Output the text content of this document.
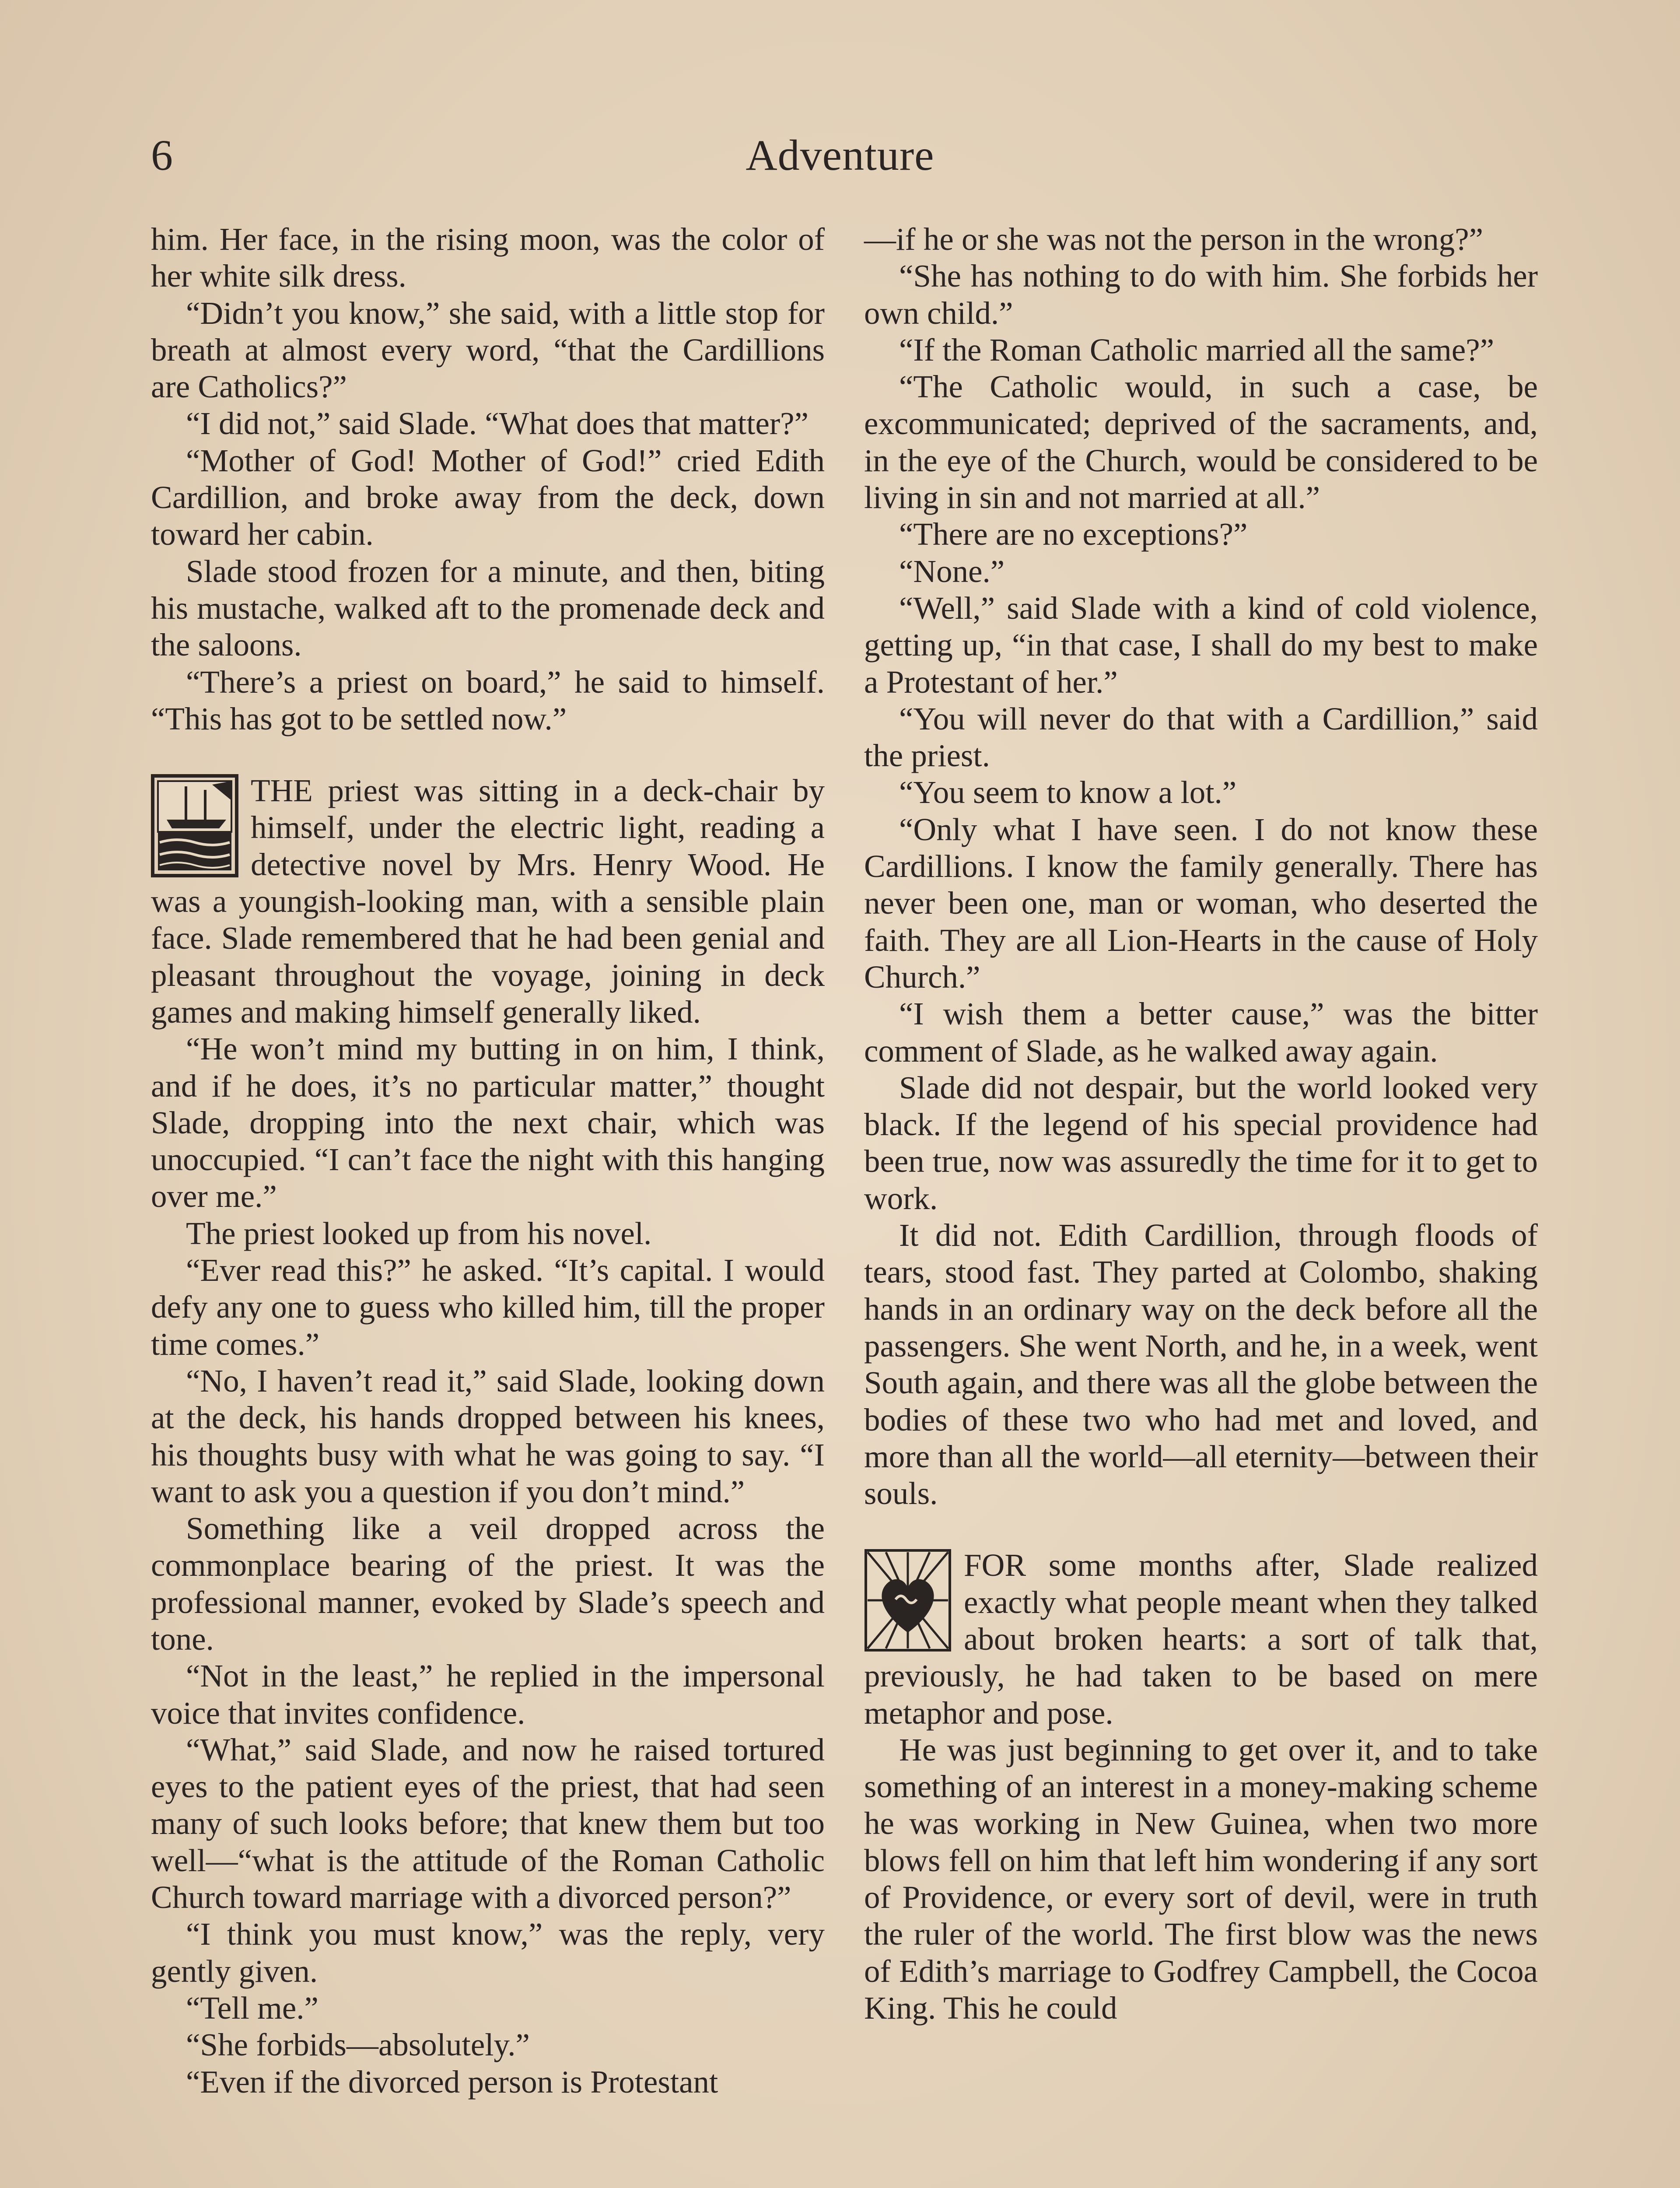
6	Adventure

him. Her face, in the rising moon, was the color of her white silk dress.

“Didn’t you know,” she said, with a little stop for breath at almost every word, “that the Cardillions are Catholics?”

“I did not,” said Slade. “What does that matter?”

“Mother of God! Mother of God!” cried Edith Cardillion, and broke away from the deck, down toward her cabin.

Slade stood frozen for a minute, and then, biting his mustache, walked aft to the promenade deck and the saloons.

“There’s a priest on board,” he said to himself. “This has got to be settled now.”

THE priest was sitting in a deck-chair by himself, under the electric light, reading a detective novel by Mrs. Henry Wood. He was a youngish-looking man, with a sensible plain face. Slade remembered that he had been genial and pleasant throughout the voyage, joining in deck games and making himself generally liked.

“He won’t mind my butting in on him, I think, and if he does, it’s no particular matter,” thought Slade, dropping into the next chair, which was unoccupied. “I can’t face the night with this hanging over me.”

The priest looked up from his novel.

“Ever read this?” he asked. “It’s capital. I would defy any one to guess who killed him, till the proper time comes.”

“No, I haven’t read it,” said Slade, looking down at the deck, his hands dropped between his knees, his thoughts busy with what he was going to say. “I want to ask you a question if you don’t mind.”

Something like a veil dropped across the commonplace bearing of the priest. It was the professional manner, evoked by Slade’s speech and tone.

“Not in the least,” he replied in the impersonal voice that invites confidence.

“What,” said Slade, and now he raised tortured eyes to the patient eyes of the priest, that had seen many of such looks before; that knew them but too well—“what is the attitude of the Roman Catholic Church toward marriage with a divorced person?”

“I think you must know,” was the reply, very gently given.

“Tell me.”

“She forbids—absolutely.”

“Even if the divorced person is Protestant

—if he or she was not the person in the wrong?”

“She has nothing to do with him. She forbids her own child.”

“If the Roman Catholic married all the same?”

“The Catholic would, in such a case, be excommunicated; deprived of the sacraments, and, in the eye of the Church, would be considered to be living in sin and not married at all.”

“There are no exceptions?”

“None.”

“Well,” said Slade with a kind of cold violence, getting up, “in that case, I shall do my best to make a Protestant of her.”

“You will never do that with a Cardillion,” said the priest.

“You seem to know a lot.”

“Only what I have seen. I do not know these Cardillions. I know the family generally. There has never been one, man or woman, who deserted the faith. They are all Lion-Hearts in the cause of Holy Church.”

“I wish them a better cause,” was the bitter comment of Slade, as he walked away again.

Slade did not despair, but the world looked very black. If the legend of his special providence had been true, now was assuredly the time for it to get to work.

It did not. Edith Cardillion, through floods of tears, stood fast. They parted at Colombo, shaking hands in an ordinary way on the deck before all the passengers. She went North, and he, in a week, went South again, and there was all the globe between the bodies of these two who had met and loved, and more than all the world—all eternity—between their souls.

FOR some months after, Slade realized exactly what people meant when they talked about broken hearts: a sort of talk that, previously, he had taken to be based on mere metaphor and pose.

He was just beginning to get over it, and to take something of an interest in a money-making scheme he was working in New Guinea, when two more blows fell on him that left him wondering if any sort of Providence, or every sort of devil, were in truth the ruler of the world. The first blow was the news of Edith’s marriage to Godfrey Campbell, the Cocoa King. This he could
